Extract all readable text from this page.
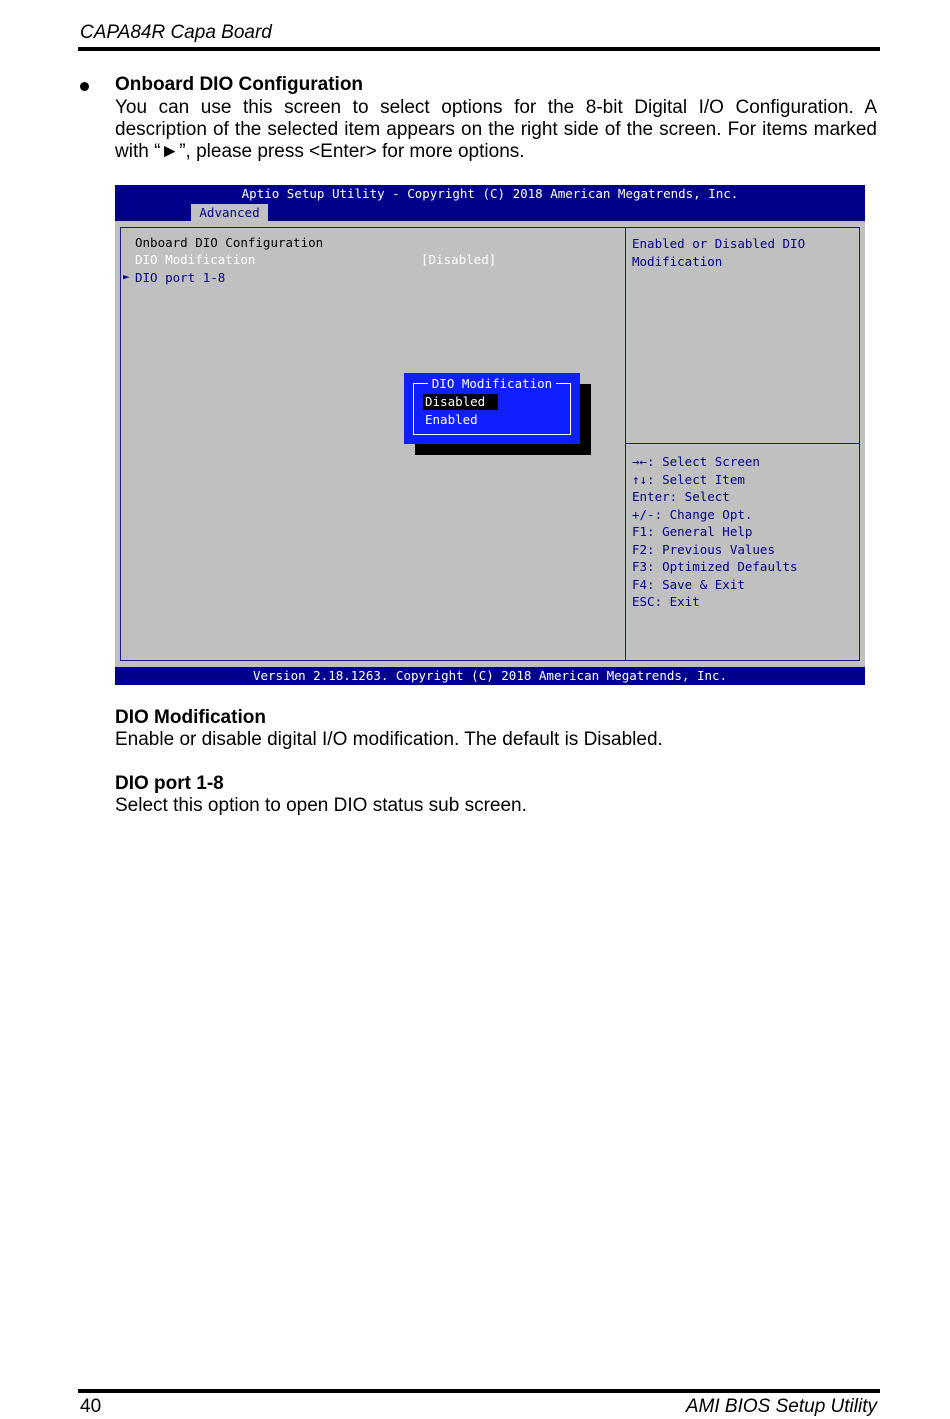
CAPA84R Capa Board
Onboard DIO Configuration
You can use this screen to select options for the 8-bit Digital I/O Configuration. A description of the selected item appears on the right side of the screen. For items marked with “►”, please press <Enter> for more options.
Aptio Setup Utility - Copyright (C) 2018 American Megatrends, Inc.
Advanced
Onboard DIO Configuration
DIO Modification	[Disabled]
► DIO port 1-8
Enabled or Disabled DIO
Modification
→←: Select Screen
↑↓: Select Item
Enter: Select
+/-: Change Opt.
F1: General Help
F2: Previous Values
F3: Optimized Defaults
F4: Save & Exit
ESC: Exit
DIO Modification
Disabled
Enabled
Version 2.18.1263. Copyright (C) 2018 American Megatrends, Inc.
DIO Modification
Enable or disable digital I/O modification. The default is Disabled.
DIO port 1-8
Select this option to open DIO status sub screen.
40	AMI BIOS Setup Utility
